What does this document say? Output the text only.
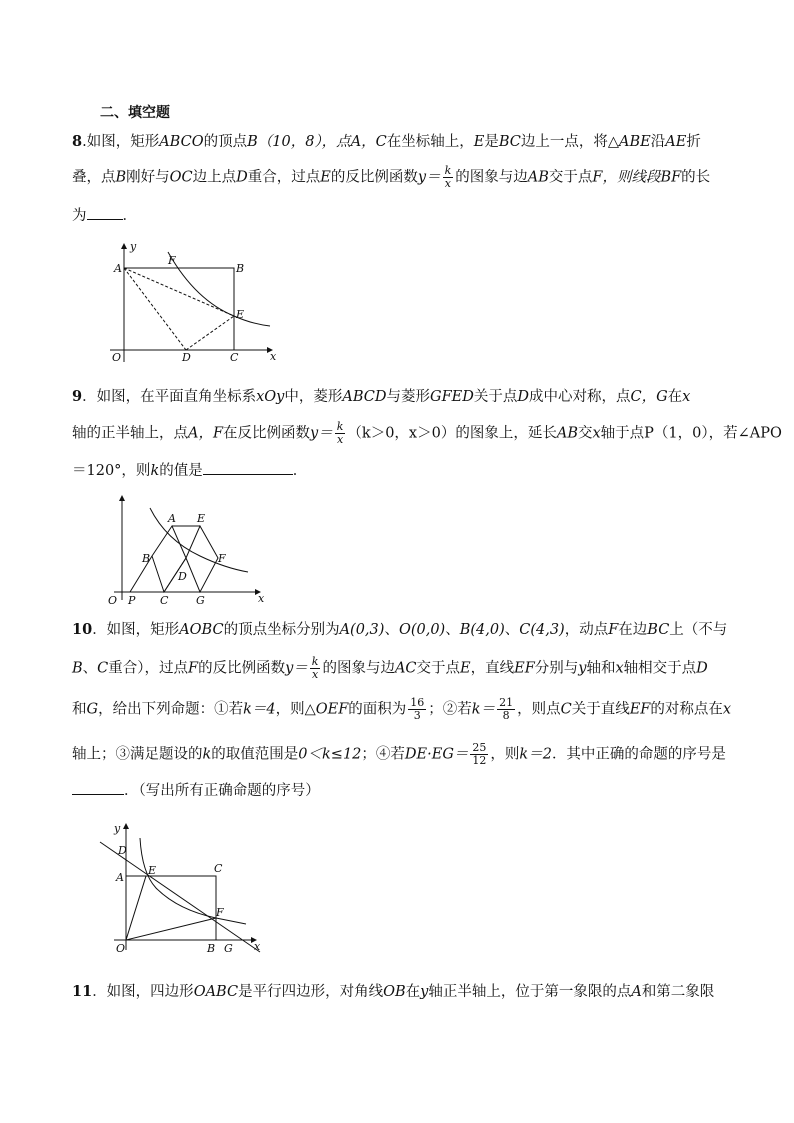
二、填空题
8.如图，矩形ABCO的顶点B（10，8），点A，C在坐标轴上，E是BC边上一点，将△ABE沿AE折
叠，点B刚好与OC边上点D重合，过点E的反比例函数$y= \frac{k}{x}$ 的图象与边AB交于点F，则线段BF的长
为 ．
A	B
C
D
E
F
O	x
y
9．如图，在平面直角坐标系xOy中，菱形ABCD与菱形GFED关于点D成中心对称，点C，G在x
轴的正半轴上，点A，F在反比例函数$y= \frac{k}{x} (k>0$，x＞0）的图象上，延长AB交x轴于点P（1，0），若∠APO
＝120°，则k的值是	．
A
B
C
D
E
F
G
O P	x
10．如图，矩形AOBC的顶点坐标分别为A(0,3)、O(0,0)、B(4,0)、C(4,3)，动点F在边BC上（不与
B、C重合），过点F的反比例函数$y= \frac{k}{x}$ 的图象与边AC交于点E，直线EF分别与y轴和x轴相交于点D
和G，给出下列命题：①若k＝4，则△OEF的面积为 $\frac{16}{3}$ ；②若$k= \frac{21}{8}$ ，则点C关于直线EF的对称点在x
轴上；③满足题设的k的取值范围是0＜k≤12；④若$DE\cdot EG= \frac{25}{12}$ ，则k＝2．其中正确的命题的序号是
．（写出所有正确命题的序号）
D
A
E	C
F
B G
O	x
y
11．如图，四边形OABC是平行四边形，对角线OB在y轴正半轴上，位于第一象限的点A和第二象限
